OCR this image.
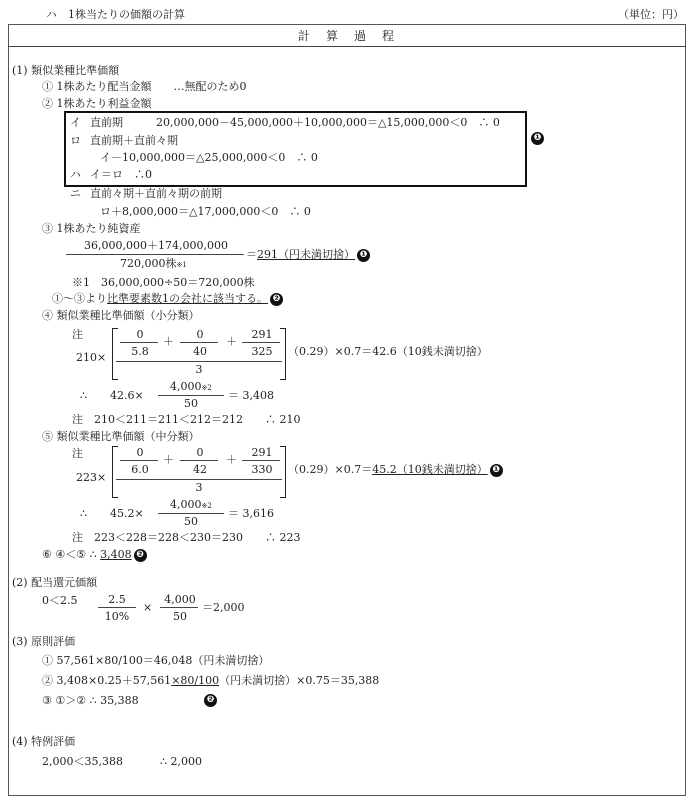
ハ　1株当たりの価額の計算	（単位：円）
計　算　過　程
(1) 類似業種比準価額
① 1株あたり配当金額　　…無配のため0
② 1株あたり利益金額
イ 直前期　　　20,000,000－45,000,000＋10,000,000＝△15,000,000＜0　∴ 0
ロ 直前期＋直前々期
イ－10,000,000＝△25,000,000＜0　∴ 0
ハ イ＝ロ　∴0
❶
ニ 直前々期＋直前々期の前期
ロ＋8,000,000＝△17,000,000＜0　∴ 0
③ 1株あたり純資産
36,000,000＋174,000,000
720,000株※1
＝291（円未満切捨） ❶
※1　36,000,000÷50＝720,000株
①～③より比準要素数1の会社に該当する。 ❷
④ 類似業種比準価額（小分類）
注
210×
0
5.8
＋
0
40
＋
291
325
3
（0.29）×0.7＝42.6（10銭未満切捨）
∴ 42.6×
4,000※2
50
＝ 3,408
注　210＜211＝211＜212＝212　　∴ 210
⑤ 類似業種比準価額（中分類）
注
223×
0
6.0
＋
0
42
＋
291
330
3
（0.29）×0.7＝45.2（10銭未満切捨） ❶
∴ 45.2×
4,000※2
50
＝ 3,616
注　223＜228＝228＜230＝230　　∴ 223
⑥ ④＜⑤ ∴ 3,408 ❷
(2) 配当還元価額
0＜2.5	2.5
10%
×
4,000
50
＝2,000
(3) 原則評価
① 57,561×80/100＝46,048（円未満切捨）
② 3,408×0.25＋57,561×80/100（円未満切捨）×0.75＝35,388
③ ①＞② ∴ 35,388	❷
(4) 特例評価
2,000＜35,388	∴ 2,000
